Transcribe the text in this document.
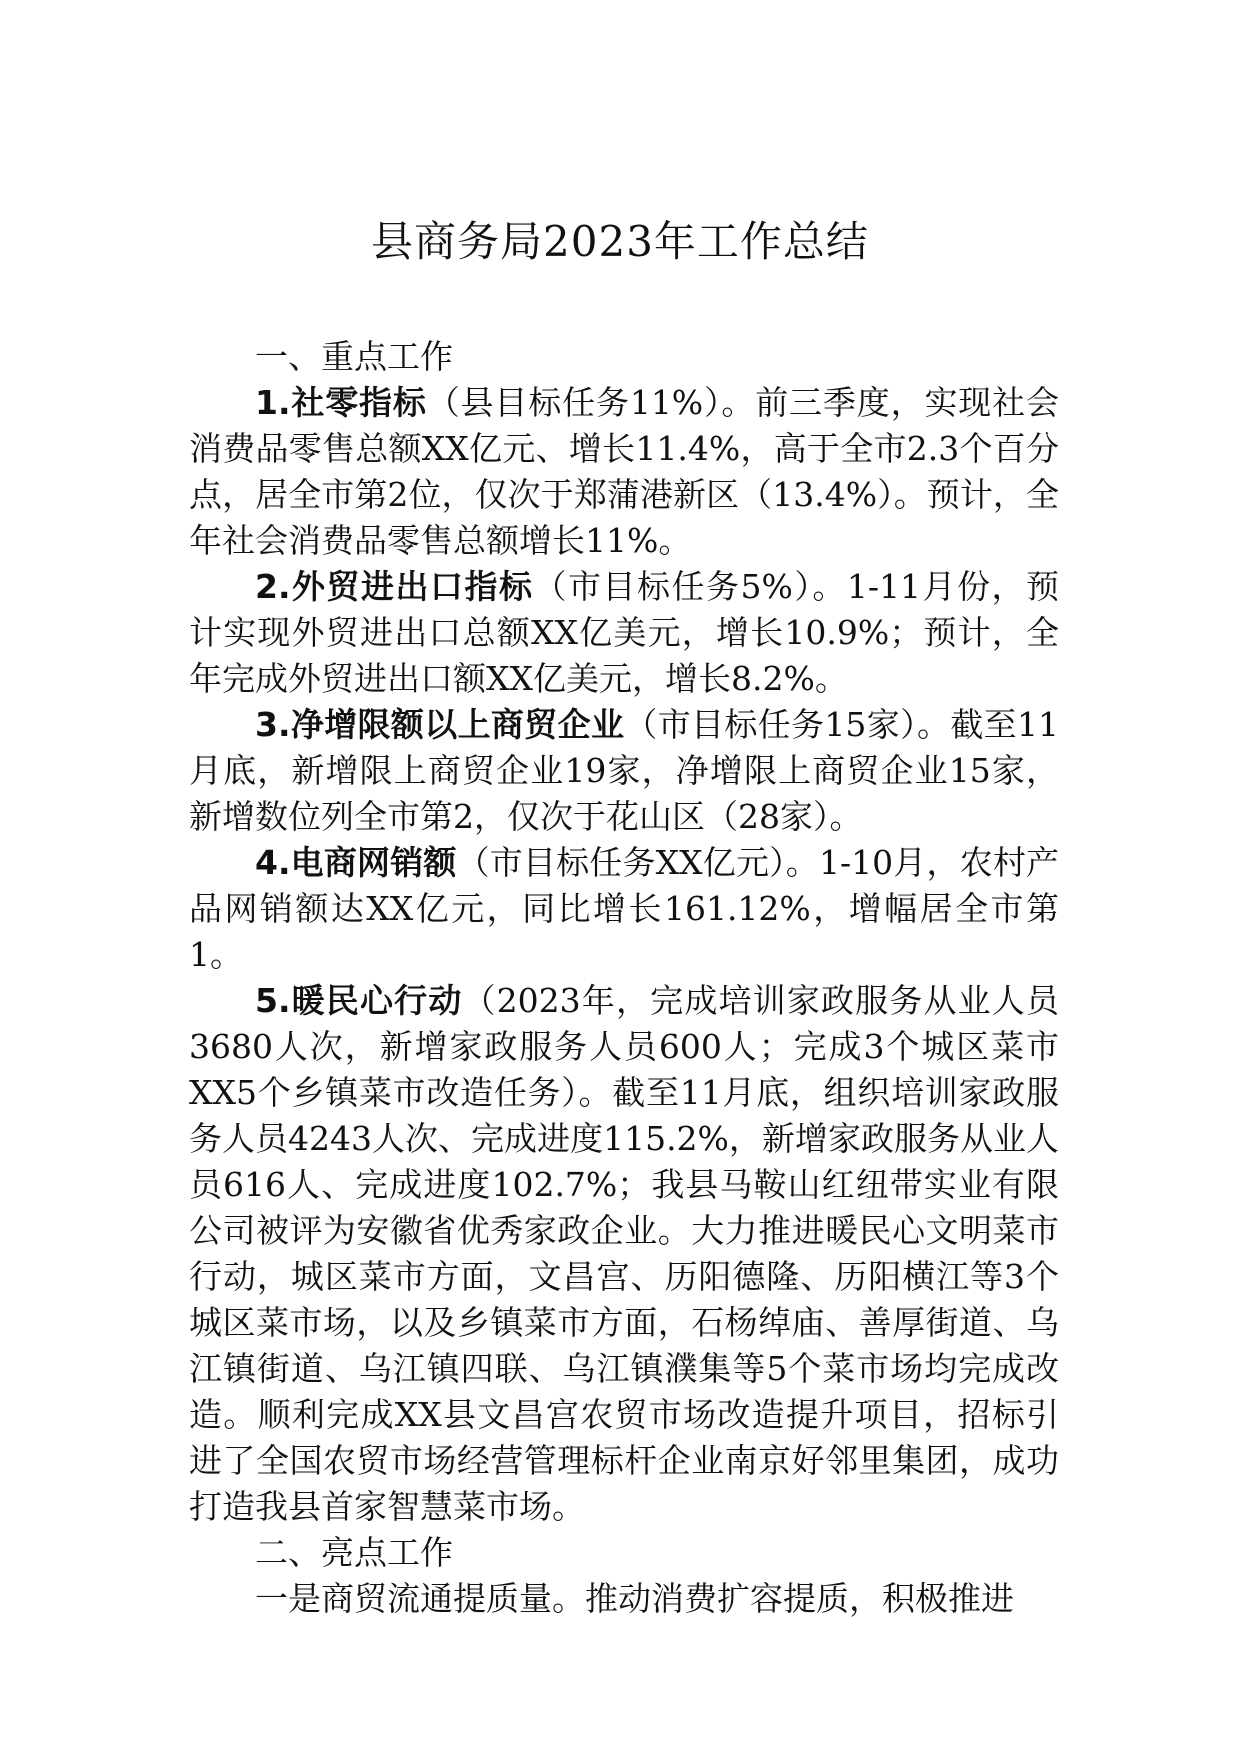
县商务局2023年工作总结

一、重点工作

1.社零指标（县目标任务11%）。前三季度，实现社会消费品零售总额XX亿元、增长11.4%，高于全市2.3个百分点，居全市第2位，仅次于郑蒲港新区（13.4%）。预计，全年社会消费品零售总额增长11%。

2.外贸进出口指标（市目标任务5%）。1-11月份，预计实现外贸进出口总额XX亿美元，增长10.9%；预计，全年完成外贸进出口额XX亿美元，增长8.2%。

3.净增限额以上商贸企业（市目标任务15家）。截至11月底，新增限上商贸企业19家，净增限上商贸企业15家，新增数位列全市第2，仅次于花山区（28家）。

4.电商网销额（市目标任务XX亿元）。1-10月，农村产品网销额达XX亿元，同比增长161.12%，增幅居全市第1。

5.暖民心行动（2023年，完成培训家政服务从业人员3680人次，新增家政服务人员600人；完成3个城区菜市XX5个乡镇菜市改造任务）。截至11月底，组织培训家政服务人员4243人次、完成进度115.2%，新增家政服务从业人员616人、完成进度102.7%；我县马鞍山红纽带实业有限公司被评为安徽省优秀家政企业。大力推进暖民心文明菜市行动，城区菜市方面，文昌宫、历阳德隆、历阳横江等3个城区菜市场，以及乡镇菜市方面，石杨绰庙、善厚街道、乌江镇街道、乌江镇四联、乌江镇濮集等5个菜市场均完成改造。顺利完成XX县文昌宫农贸市场改造提升项目，招标引进了全国农贸市场经营管理标杆企业南京好邻里集团，成功打造我县首家智慧菜市场。

二、亮点工作

一是商贸流通提质量。推动消费扩容提质，积极推进
